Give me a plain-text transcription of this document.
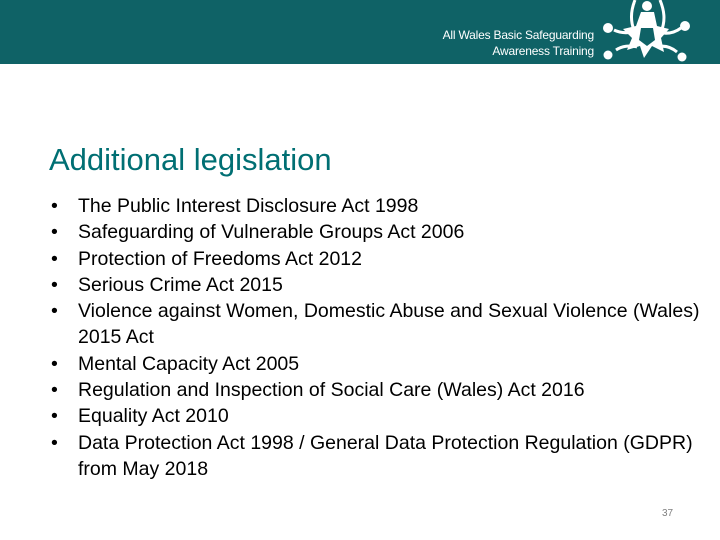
All Wales Basic Safeguarding
Awareness Training
Additional legislation
• The Public Interest Disclosure Act 1998
• Safeguarding of Vulnerable Groups Act 2006
• Protection of Freedoms Act 2012
• Serious Crime Act 2015
• Violence against Women, Domestic Abuse and Sexual Violence (Wales) 2015 Act
• Mental Capacity Act 2005
• Regulation and Inspection of Social Care (Wales) Act 2016
• Equality Act 2010
• Data Protection Act 1998 / General Data Protection Regulation (GDPR) from May 2018
37
